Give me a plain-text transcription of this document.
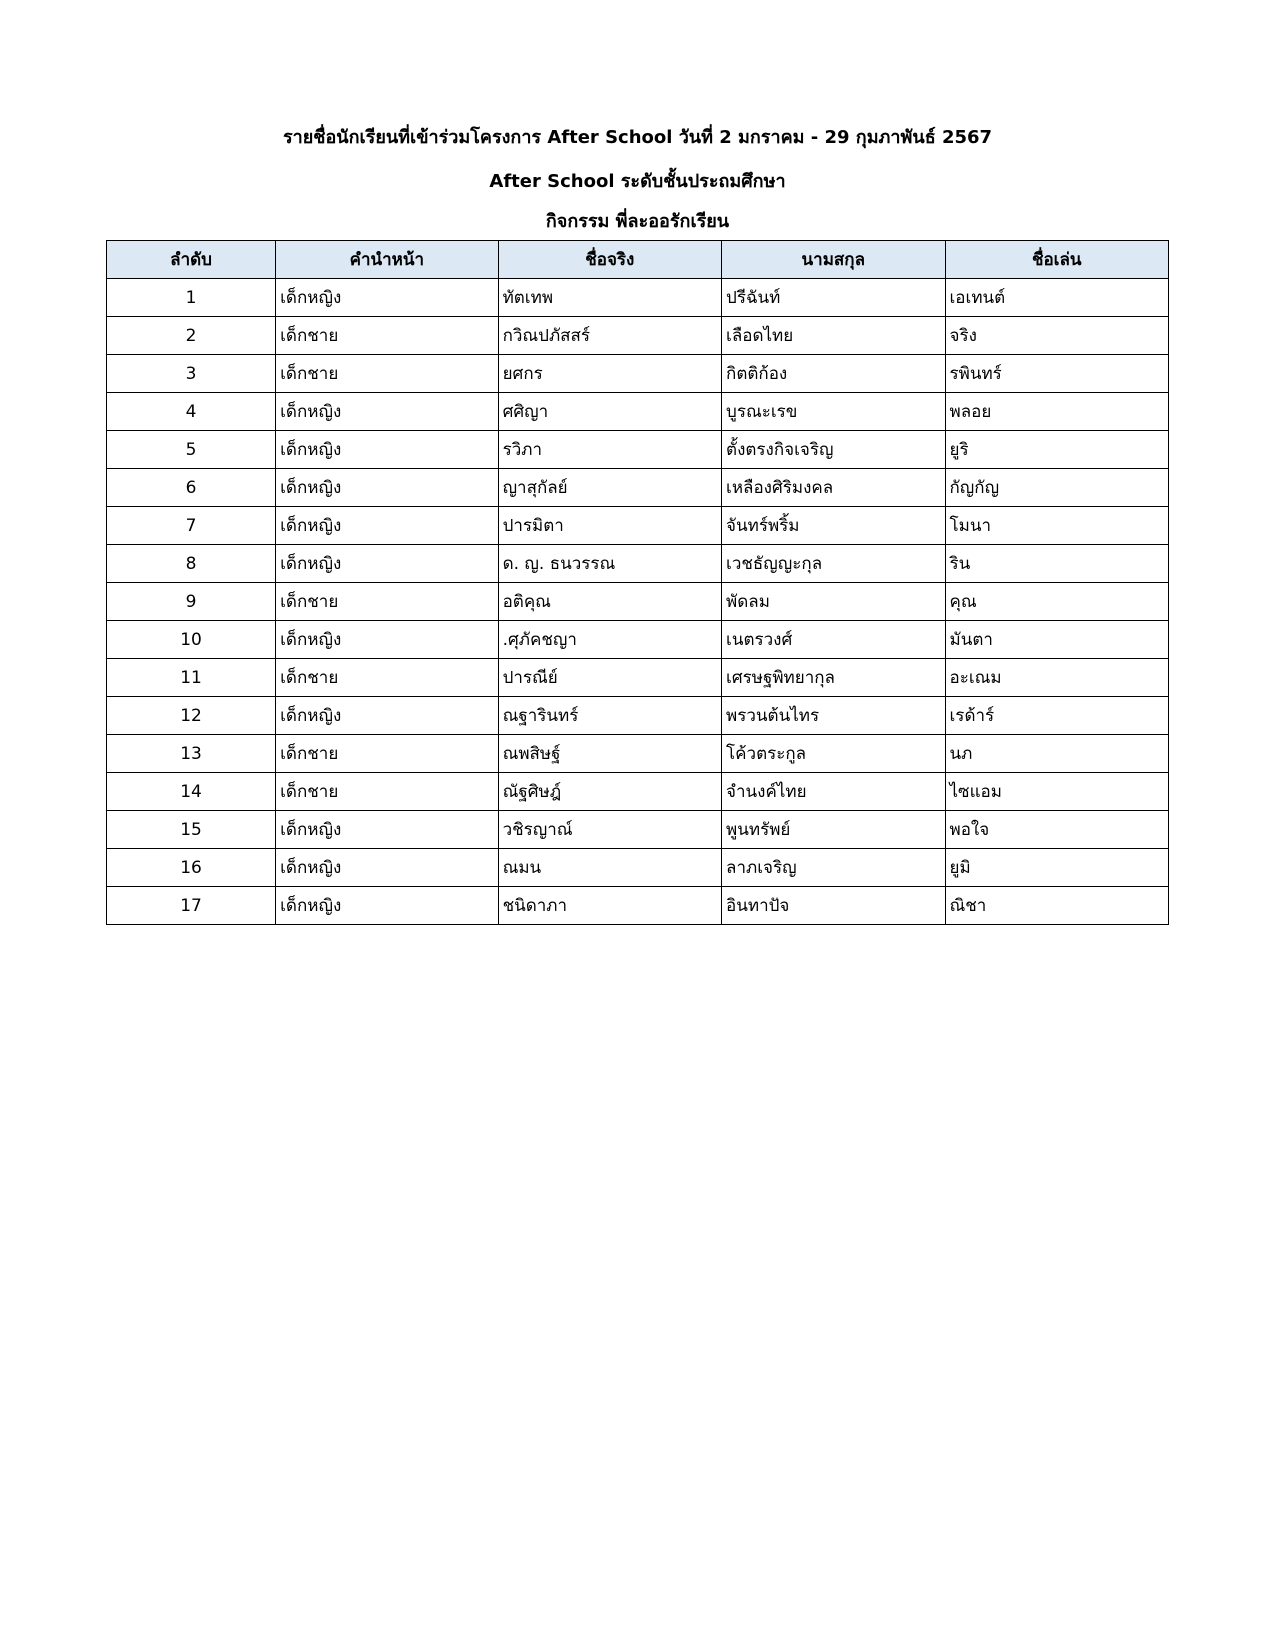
รายชื่อนักเรียนที่เข้าร่วมโครงการ After School วันที่ 2 มกราคม - 29 กุมภาพันธ์ 2567
After School ระดับชั้นประถมศึกษา
กิจกรรม พี่ละออรักเรียน
ลำดับ	คำนำหน้า	ชื่อจริง	นามสกุล	ชื่อเล่น
1	เด็กหญิง	ทัตเทพ	ปรีฉันท์	เอเทนต์
2	เด็กชาย	กวิณปภัสสร์	เลือดไทย	จริง
3	เด็กชาย	ยศกร	กิตติก้อง	รพินทร์
4	เด็กหญิง	ศศิญา	บูรณะเรข	พลอย
5	เด็กหญิง	รวิภา	ตั้งตรงกิจเจริญ	ยูริ
6	เด็กหญิง	ญาสุกัลย์	เหลืองศิริมงคล	กัญกัญ
7	เด็กหญิง	ปารมิตา	จันทร์พริ้ม	โมนา
8	เด็กหญิง	ด. ญ. ธนวรรณ	เวชธัญญะกุล	ริน
9	เด็กชาย	อติคุณ	พัดลม	คุณ
10	เด็กหญิง	.ศุภัคชญา	เนตรวงศ์	มันตา
11	เด็กชาย	ปารณีย์	เศรษฐพิทยากุล	อะเณม
12	เด็กหญิง	ณฐารินทร์	พรวนต้นไทร	เรด้าร์
13	เด็กชาย	ณพสิษฐ์	โค้วตระกูล	นภ
14	เด็กชาย	ณัฐศิษฎ์	จำนงค์ไทย	ไซแอม
15	เด็กหญิง	วชิรญาณ์	พูนทรัพย์	พอใจ
16	เด็กหญิง	ณมน	ลาภเจริญ	ยูมิ
17	เด็กหญิง	ชนิดาภา	อินทาปัจ	ณิชา
